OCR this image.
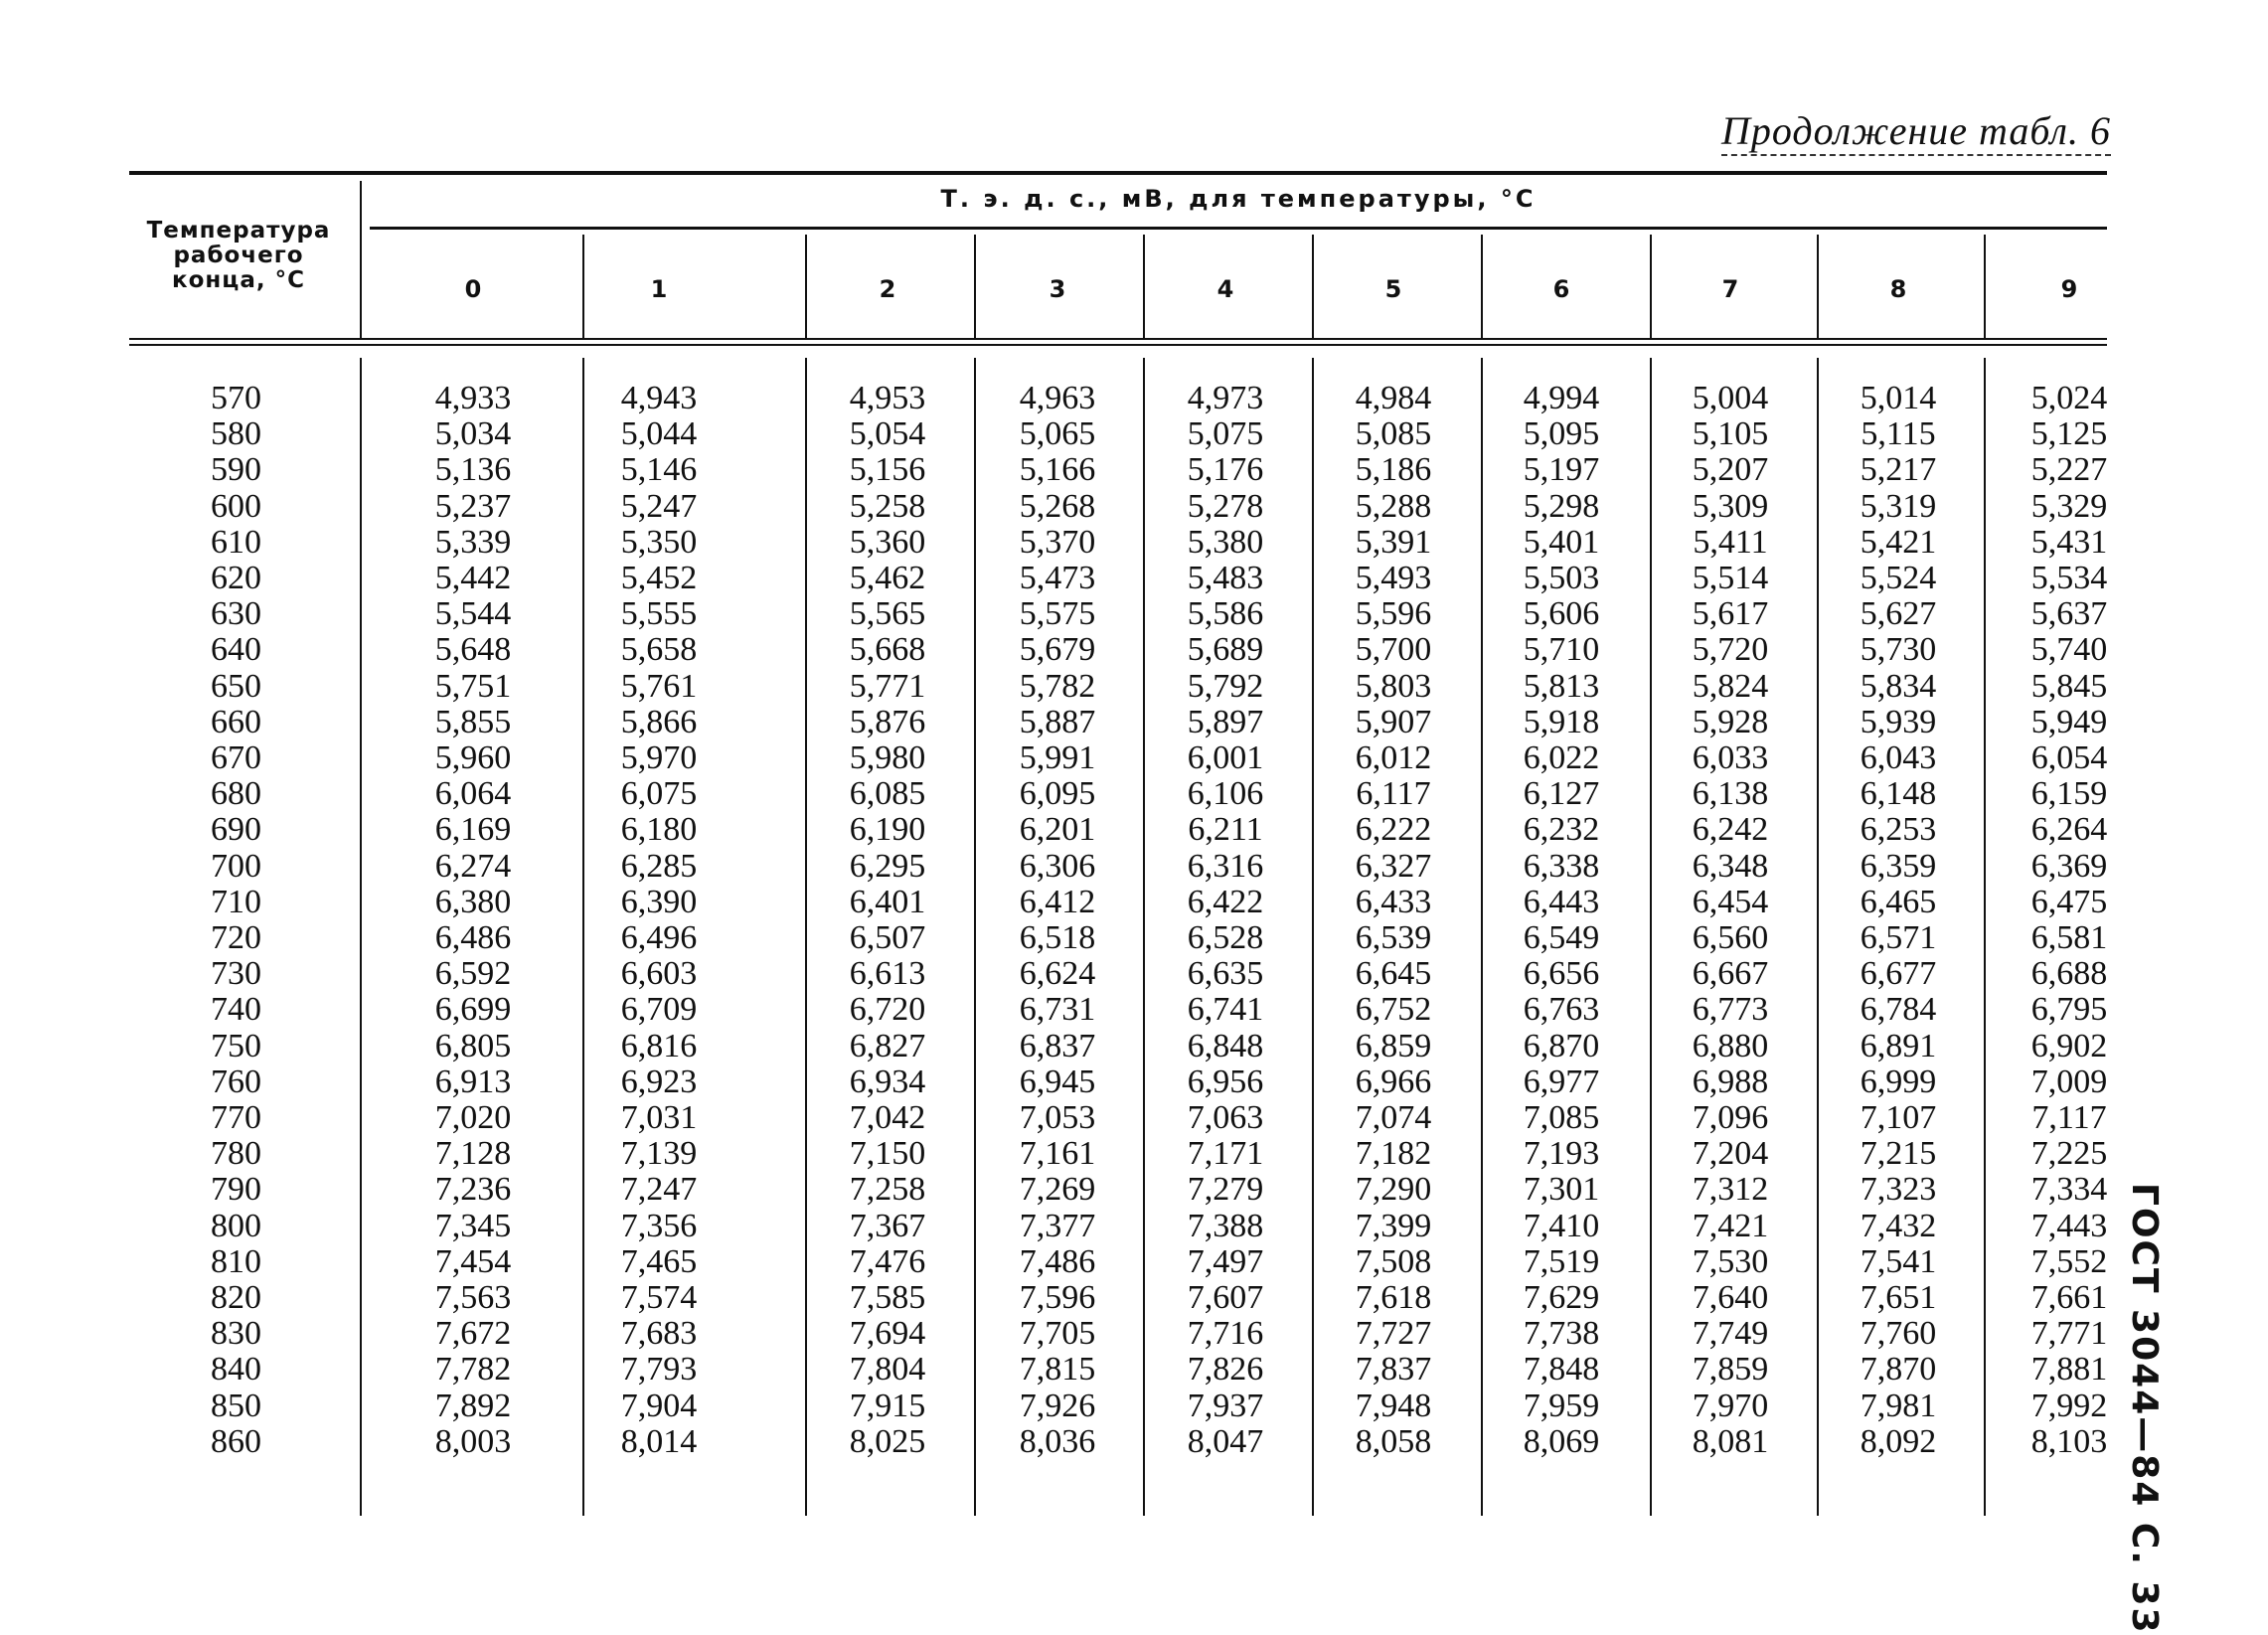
Продолжение табл. 6
Температура рабочего конца, °С
Т. э. д. с., мВ, для температуры, °С
0	1	2	3	4	5	6	7	8	9
570	4,933	4,943	4,953	4,963	4,973	4,984	4,994	5,004	5,014	5,024
580	5,034	5,044	5,054	5,065	5,075	5,085	5,095	5,105	5,115	5,125
590	5,136	5,146	5,156	5,166	5,176	5,186	5,197	5,207	5,217	5,227
600	5,237	5,247	5,258	5,268	5,278	5,288	5,298	5,309	5,319	5,329
610	5,339	5,350	5,360	5,370	5,380	5,391	5,401	5,411	5,421	5,431
620	5,442	5,452	5,462	5,473	5,483	5,493	5,503	5,514	5,524	5,534
630	5,544	5,555	5,565	5,575	5,586	5,596	5,606	5,617	5,627	5,637
640	5,648	5,658	5,668	5,679	5,689	5,700	5,710	5,720	5,730	5,740
650	5,751	5,761	5,771	5,782	5,792	5,803	5,813	5,824	5,834	5,845
660	5,855	5,866	5,876	5,887	5,897	5,907	5,918	5,928	5,939	5,949
670	5,960	5,970	5,980	5,991	6,001	6,012	6,022	6,033	6,043	6,054
680	6,064	6,075	6,085	6,095	6,106	6,117	6,127	6,138	6,148	6,159
690	6,169	6,180	6,190	6,201	6,211	6,222	6,232	6,242	6,253	6,264
700	6,274	6,285	6,295	6,306	6,316	6,327	6,338	6,348	6,359	6,369
710	6,380	6,390	6,401	6,412	6,422	6,433	6,443	6,454	6,465	6,475
720	6,486	6,496	6,507	6,518	6,528	6,539	6,549	6,560	6,571	6,581
730	6,592	6,603	6,613	6,624	6,635	6,645	6,656	6,667	6,677	6,688
740	6,699	6,709	6,720	6,731	6,741	6,752	6,763	6,773	6,784	6,795
750	6,805	6,816	6,827	6,837	6,848	6,859	6,870	6,880	6,891	6,902
760	6,913	6,923	6,934	6,945	6,956	6,966	6,977	6,988	6,999	7,009
770	7,020	7,031	7,042	7,053	7,063	7,074	7,085	7,096	7,107	7,117
780	7,128	7,139	7,150	7,161	7,171	7,182	7,193	7,204	7,215	7,225
790	7,236	7,247	7,258	7,269	7,279	7,290	7,301	7,312	7,323	7,334
800	7,345	7,356	7,367	7,377	7,388	7,399	7,410	7,421	7,432	7,443
810	7,454	7,465	7,476	7,486	7,497	7,508	7,519	7,530	7,541	7,552
820	7,563	7,574	7,585	7,596	7,607	7,618	7,629	7,640	7,651	7,661
830	7,672	7,683	7,694	7,705	7,716	7,727	7,738	7,749	7,760	7,771
840	7,782	7,793	7,804	7,815	7,826	7,837	7,848	7,859	7,870	7,881
850	7,892	7,904	7,915	7,926	7,937	7,948	7,959	7,970	7,981	7,992
860	8,003	8,014	8,025	8,036	8,047	8,058	8,069	8,081	8,092	8,103 ГОСТ 3044—84 С. 33
